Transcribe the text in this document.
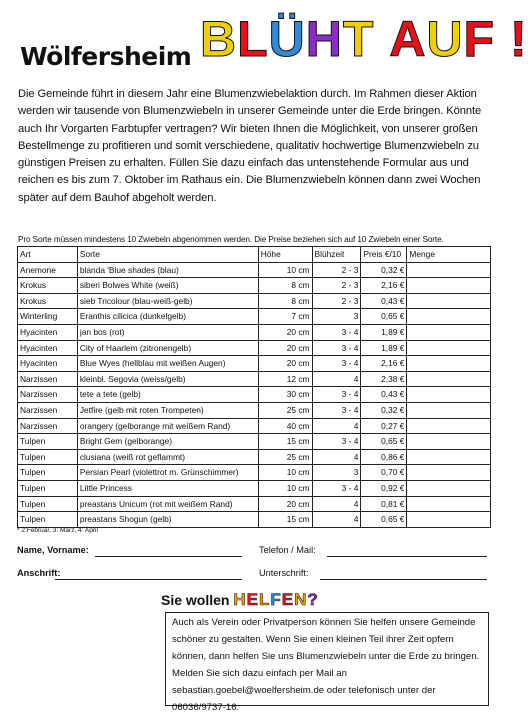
Wölfersheim BLÜHT AUF !

Die Gemeinde führt in diesem Jahr eine Blumenzwiebelaktion durch. Im Rahmen dieser Aktion werden wir tausende von Blumenzwiebeln in unserer Gemeinde unter die Erde bringen. Könnte auch Ihr Vorgarten Farbtupfer vertragen? Wir bieten Ihnen die Möglichkeit, von unserer großen Bestellmenge zu profitieren und somit verschiedene, qualitativ hochwertige Blumenzwiebeln zu günstigen Preisen zu erhalten. Füllen Sie dazu einfach das untenstehende Formular aus und reichen es bis zum 7. Oktober im Rathaus ein. Die Blumenzwiebeln können dann zwei Wochen später auf dem Bauhof abgeholt werden.

Pro Sorte müssen mindestens 10 Zwiebeln abgenommen werden. Die Preise beziehen sich auf 10 Zwiebeln einer Sorte.
Art	Sorte	Höhe	Blühzeit	Preis €/10	Menge
Anemone	blanda 'Blue shades (blau)	10 cm	2 - 3	0,32 €	
Krokus	siberi Bolwes White (weiß)	8 cm	2 - 3	2,16 €	
Krokus	sieb Tricolour (blau-weiß-gelb)	8 cm	2 - 3	0,43 €	
Winterling	Eranthis cilicica (dunkelgelb)	7 cm	3	0,65 €	
Hyacinten	jan bos (rot)	20 cm	3 - 4	1,89 €	
Hyacinten	City of Haarlem (zitronengelb)	20 cm	3 - 4	1,89 €	
Hyacinten	Blue Wyes (hellblau mit weißen Augen)	20 cm	3 - 4	2,16 €	
Narzissen	kleinbl. Segovia (weiss/gelb)	12 cm	4	2,38 €	
Narzissen	tete a tete (gelb)	30 cm	3 - 4	0,43 €	
Narzissen	Jetfire (gelb mit roten Trompeten)	25 cm	3 - 4	0,32 €	
Narzissen	orangery (gelborange mit weißem Rand)	40 cm	4	0,27 €	
Tulpen	Bright Gem (gelborange)	15 cm	3 - 4	0,65 €	
Tulpen	clusiana (weiß rot geflammt)	25 cm	4	0,86 €	
Tulpen	Persian Pearl (violettrot m. Grünschimmer)	10 cm	3	0,70 €	
Tulpen	Little Princess	10 cm	3 - 4	0,92 €	
Tulpen	preastans Unicum (rot mit weißem Rand)	20 cm	4	0,81 €	
Tulpen	preastans Shogun (gelb)	15 cm	4	0,65 €	
* 2:Februar, 3: März, 4: April
Name, Vorname:	Telefon / Mail:
Anschrift:	Unterschrift:
Sie wollen HELFEN?

Auch als Verein oder Privatperson können Sie helfen unsere Gemeinde schöner zu gestalten. Wenn Sie einen kleinen Teil ihrer Zeit opfern können, dann helfen Sie uns Blumenzwiebeln unter die Erde zu bringen. Melden Sie sich dazu einfach per Mail an sebastian.goebel@woelfersheim.de oder telefonisch unter der 06036/9737-16.
